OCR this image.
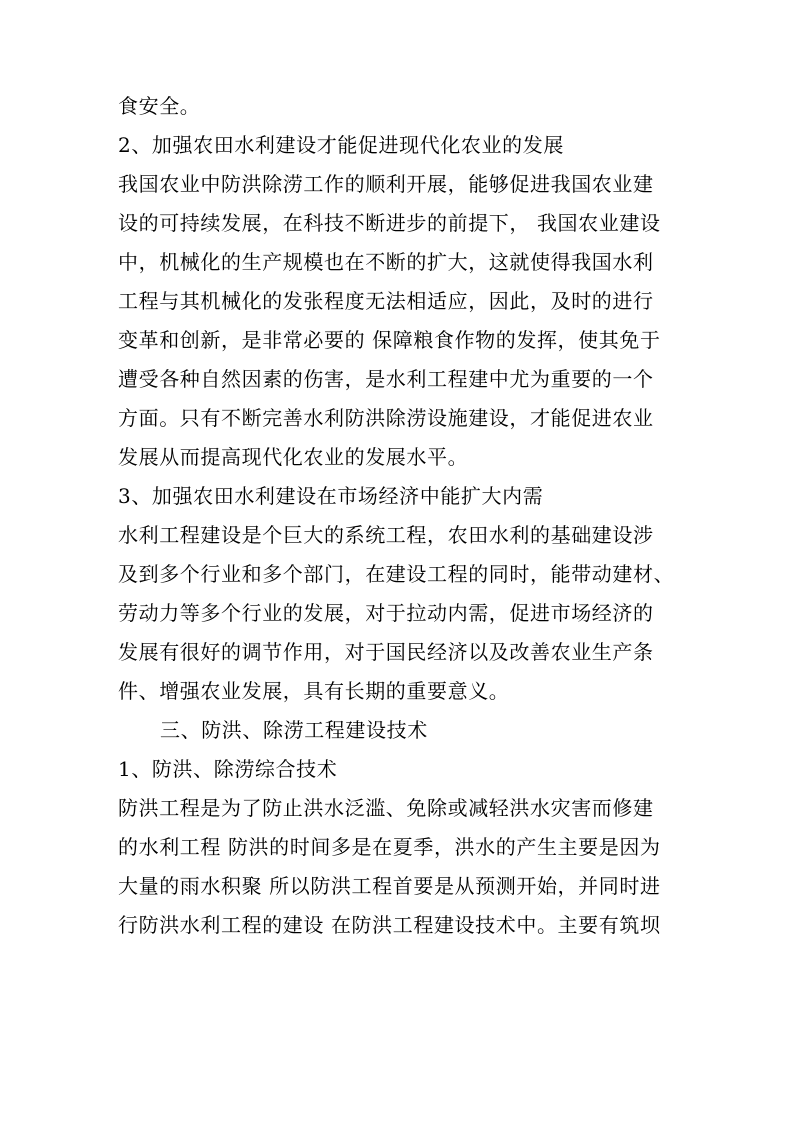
食安全。
2、加强农田水利建设才能促进现代化农业的发展
我国农业中防洪除涝工作的顺利开展，能够促进我国农业建
设的可持续发展，在科技不断进步的前提下， 我国农业建设
中，机械化的生产规模也在不断的扩大，这就使得我国水利
工程与其机械化的发张程度无法相适应，因此，及时的进行
变革和创新，是非常必要的 保障粮食作物的发挥，使其免于
遭受各种自然因素的伤害，是水利工程建中尤为重要的一个
方面。只有不断完善水利防洪除涝设施建设，才能促进农业
发展从而提高现代化农业的发展水平。
3、加强农田水利建设在市场经济中能扩大内需
水利工程建设是个巨大的系统工程，农田水利的基础建设涉
及到多个行业和多个部门，在建设工程的同时，能带动建材、
劳动力等多个行业的发展，对于拉动内需，促进市场经济的
发展有很好的调节作用，对于国民经济以及改善农业生产条
件、增强农业发展，具有长期的重要意义。
三、防洪、除涝工程建设技术
1、防洪、除涝综合技术
防洪工程是为了防止洪水泛滥、免除或减轻洪水灾害而修建
的水利工程 防洪的时间多是在夏季，洪水的产生主要是因为
大量的雨水积聚 所以防洪工程首要是从预测开始，并同时进
行防洪水利工程的建设 在防洪工程建设技术中。主要有筑坝
